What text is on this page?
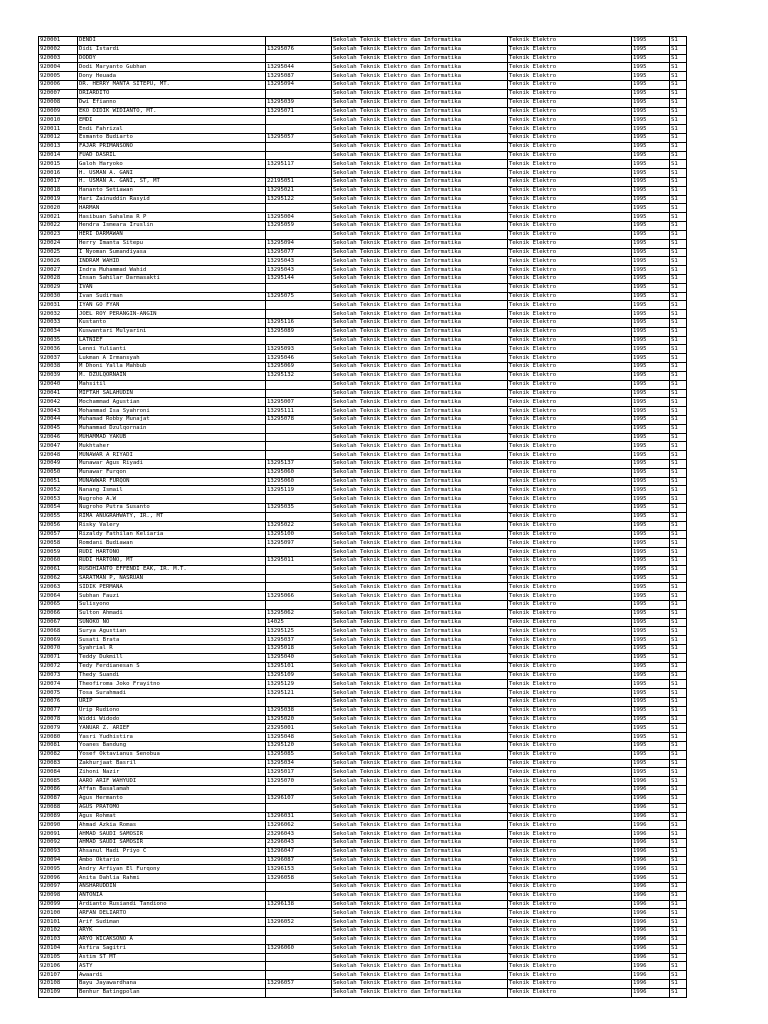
920001	DENDI		Sekolah Teknik Elektro dan Informatika	Teknik Elektro	1995	S1
920002	Didi Istardi	13295076	Sekolah Teknik Elektro dan Informatika	Teknik Elektro	1995	S1
920003	DODDY		Sekolah Teknik Elektro dan Informatika	Teknik Elektro	1995	S1
920004	Dodi Maryanto Gubhan	13295044	Sekolah Teknik Elektro dan Informatika	Teknik Elektro	1995	S1
920005	Dony Heuada	13295087	Sekolah Teknik Elektro dan Informatika	Teknik Elektro	1995	S1
920006	DR. HERRY MANTA SITEPU, MT.	13295094	Sekolah Teknik Elektro dan Informatika	Teknik Elektro	1995	S1
920007	DRIARDITO		Sekolah Teknik Elektro dan Informatika	Teknik Elektro	1995	S1
920008	Dwi Efianno	13295039	Sekolah Teknik Elektro dan Informatika	Teknik Elektro	1995	S1
920009	EKO DIDIK WIDIANTO, MT.	13295071	Sekolah Teknik Elektro dan Informatika	Teknik Elektro	1995	S1
920010	EMDI		Sekolah Teknik Elektro dan Informatika	Teknik Elektro	1995	S1
920011	Endi Fahrizal		Sekolah Teknik Elektro dan Informatika	Teknik Elektro	1995	S1
920012	Esmanto Budiarto	13295057	Sekolah Teknik Elektro dan Informatika	Teknik Elektro	1995	S1
920013	FAJAR PRIMANSONO		Sekolah Teknik Elektro dan Informatika	Teknik Elektro	1995	S1
920014	FUAD DASRIL		Sekolah Teknik Elektro dan Informatika	Teknik Elektro	1995	S1
920015	Galoh Haryoko	13295117	Sekolah Teknik Elektro dan Informatika	Teknik Elektro	1995	S1
920016	H. USMAN A. GANI		Sekolah Teknik Elektro dan Informatika	Teknik Elektro	1995	S1
920017	H. USMAN A. GANI, ST, MT	22195051	Sekolah Teknik Elektro dan Informatika	Teknik Elektro	1995	S1
920018	Hananto Setiawan	13295021	Sekolah Teknik Elektro dan Informatika	Teknik Elektro	1995	S1
920019	Hari Zainuddin Rasyid	13295122	Sekolah Teknik Elektro dan Informatika	Teknik Elektro	1995	S1
920020	HARMAN		Sekolah Teknik Elektro dan Informatika	Teknik Elektro	1995	S1
920021	Hasibuan Sahalma R P	13295004	Sekolah Teknik Elektro dan Informatika	Teknik Elektro	1995	S1
920022	Hendra Ismeara Iruslin	13295059	Sekolah Teknik Elektro dan Informatika	Teknik Elektro	1995	S1
920023	HERI DARMAWAN		Sekolah Teknik Elektro dan Informatika	Teknik Elektro	1995	S1
920024	Herry Imanta Sitepu	13295094	Sekolah Teknik Elektro dan Informatika	Teknik Elektro	1995	S1
920025	I Nyoman Sumandiyasa	13295077	Sekolah Teknik Elektro dan Informatika	Teknik Elektro	1995	S1
920026	INDRAM WAHID	13295043	Sekolah Teknik Elektro dan Informatika	Teknik Elektro	1995	S1
920027	Indra Muhammad Wahid	13295043	Sekolah Teknik Elektro dan Informatika	Teknik Elektro	1995	S1
920028	Insan Sahilar Darmasakti	13295144	Sekolah Teknik Elektro dan Informatika	Teknik Elektro	1995	S1
920029	IVAN		Sekolah Teknik Elektro dan Informatika	Teknik Elektro	1995	S1
920030	Ivan Sudirman	13295075	Sekolah Teknik Elektro dan Informatika	Teknik Elektro	1995	S1
920031	IYAN GO FYAN		Sekolah Teknik Elektro dan Informatika	Teknik Elektro	1995	S1
920032	JOEL ROY PERANGIN-ANGIN		Sekolah Teknik Elektro dan Informatika	Teknik Elektro	1995	S1
920033	Kustanto	13295116	Sekolah Teknik Elektro dan Informatika	Teknik Elektro	1995	S1
920034	Kuswantari Mulyarini	13295089	Sekolah Teknik Elektro dan Informatika	Teknik Elektro	1995	S1
920035	LATNIEF		Sekolah Teknik Elektro dan Informatika	Teknik Elektro	1995	S1
920036	Lenni Yulianti	13295093	Sekolah Teknik Elektro dan Informatika	Teknik Elektro	1995	S1
920037	Lukman A Irmansyah	13295046	Sekolah Teknik Elektro dan Informatika	Teknik Elektro	1995	S1
920038	M Dhoni Yalla Mahbub	13295069	Sekolah Teknik Elektro dan Informatika	Teknik Elektro	1995	S1
920039	M. DZULQORNAIN	13295132	Sekolah Teknik Elektro dan Informatika	Teknik Elektro	1995	S1
920040	Mahsitil		Sekolah Teknik Elektro dan Informatika	Teknik Elektro	1995	S1
920041	MIFTAH SALAHUDIN		Sekolah Teknik Elektro dan Informatika	Teknik Elektro	1995	S1
920042	Mochammad Agustian	13295007	Sekolah Teknik Elektro dan Informatika	Teknik Elektro	1995	S1
920043	Mohammad Isa Syahroni	13295111	Sekolah Teknik Elektro dan Informatika	Teknik Elektro	1995	S1
920044	Muhamad Robby Munajat	13295078	Sekolah Teknik Elektro dan Informatika	Teknik Elektro	1995	S1
920045	Muhammad Dzulqornain		Sekolah Teknik Elektro dan Informatika	Teknik Elektro	1995	S1
920046	MUHAMMAD YAKUB		Sekolah Teknik Elektro dan Informatika	Teknik Elektro	1995	S1
920047	Mukhtaher		Sekolah Teknik Elektro dan Informatika	Teknik Elektro	1995	S1
920048	MUNAWAR A RIYADI		Sekolah Teknik Elektro dan Informatika	Teknik Elektro	1995	S1
920049	Munawar Agus Riyadi	13295137	Sekolah Teknik Elektro dan Informatika	Teknik Elektro	1995	S1
920050	Munawar Furqon	13295060	Sekolah Teknik Elektro dan Informatika	Teknik Elektro	1995	S1
920051	MUNAWWAR FURQON	13295060	Sekolah Teknik Elektro dan Informatika	Teknik Elektro	1995	S1
920052	Nanang Ismail	13295119	Sekolah Teknik Elektro dan Informatika	Teknik Elektro	1995	S1
920053	Nugroho A.W		Sekolah Teknik Elektro dan Informatika	Teknik Elektro	1995	S1
920054	Nugroho Putra Susanto	13295035	Sekolah Teknik Elektro dan Informatika	Teknik Elektro	1995	S1
920055	RIMA ANUGRAHWATY, IR., MT		Sekolah Teknik Elektro dan Informatika	Teknik Elektro	1995	S1
920056	Risky Valery	13295022	Sekolah Teknik Elektro dan Informatika	Teknik Elektro	1995	S1
920057	Rizaldy Fathilan Keliaria	13295100	Sekolah Teknik Elektro dan Informatika	Teknik Elektro	1995	S1
920058	Romdani Budiawan	13295097	Sekolah Teknik Elektro dan Informatika	Teknik Elektro	1995	S1
920059	RUDI HARTONO		Sekolah Teknik Elektro dan Informatika	Teknik Elektro	1995	S1
920060	RUDI HARTONO, MT	13295011	Sekolah Teknik Elektro dan Informatika	Teknik Elektro	1995	S1
920061	RUSDHIANTO EFFENDI EAK, IR. M.T.		Sekolah Teknik Elektro dan Informatika	Teknik Elektro	1995	S1
920062	SARATMAN P, NASRUAN		Sekolah Teknik Elektro dan Informatika	Teknik Elektro	1995	S1
920063	SIDIK PERMANA		Sekolah Teknik Elektro dan Informatika	Teknik Elektro	1995	S1
920064	Subhan Fauzi	13295066	Sekolah Teknik Elektro dan Informatika	Teknik Elektro	1995	S1
920065	Sulisyono		Sekolah Teknik Elektro dan Informatika	Teknik Elektro	1995	S1
920066	Sulton Ahmadi	13295062	Sekolah Teknik Elektro dan Informatika	Teknik Elektro	1995	S1
920067	SUNOKO NO	14025	Sekolah Teknik Elektro dan Informatika	Teknik Elektro	1995	S1
920068	Surya Agustian	13295125	Sekolah Teknik Elektro dan Informatika	Teknik Elektro	1995	S1
920069	Susati Brata	13295037	Sekolah Teknik Elektro dan Informatika	Teknik Elektro	1995	S1
920070	Syahrial R	13295018	Sekolah Teknik Elektro dan Informatika	Teknik Elektro	1995	S1
920071	Teddy Dukmill	13295040	Sekolah Teknik Elektro dan Informatika	Teknik Elektro	1995	S1
920072	Tedy Ferdianesan S	13295101	Sekolah Teknik Elektro dan Informatika	Teknik Elektro	1995	S1
920073	Thedy Suandi	13295109	Sekolah Teknik Elektro dan Informatika	Teknik Elektro	1995	S1
920074	Theofiroma Joko Frayitno	13295129	Sekolah Teknik Elektro dan Informatika	Teknik Elektro	1995	S1
920075	Tosa Surahmadi	13295121	Sekolah Teknik Elektro dan Informatika	Teknik Elektro	1995	S1
920076	URIP		Sekolah Teknik Elektro dan Informatika	Teknik Elektro	1995	S1
920077	Urip Rudiono	13295038	Sekolah Teknik Elektro dan Informatika	Teknik Elektro	1995	S1
920078	Widdi Widodo	13295020	Sekolah Teknik Elektro dan Informatika	Teknik Elektro	1995	S1
920079	YANUAR Z. ARIEF	23295001	Sekolah Teknik Elektro dan Informatika	Teknik Elektro	1995	S1
920080	Yasri Yudhistira	13295048	Sekolah Teknik Elektro dan Informatika	Teknik Elektro	1995	S1
920081	Yoanes Bandung	13295120	Sekolah Teknik Elektro dan Informatika	Teknik Elektro	1995	S1
920082	Yosef Oktavianus Senobua	13295085	Sekolah Teknik Elektro dan Informatika	Teknik Elektro	1995	S1
920083	Zakhurjaat Basril	13295034	Sekolah Teknik Elektro dan Informatika	Teknik Elektro	1995	S1
920084	Zihoni Nazir	13295017	Sekolah Teknik Elektro dan Informatika	Teknik Elektro	1995	S1
920085	AARO ARIF WAHYUDI	13295070	Sekolah Teknik Elektro dan Informatika	Teknik Elektro	1996	S1
920086	Affan Basalamah		Sekolah Teknik Elektro dan Informatika	Teknik Elektro	1996	S1
920087	Agus Hermanto	13296107	Sekolah Teknik Elektro dan Informatika	Teknik Elektro	1996	S1
920088	AGUS PRATOMO		Sekolah Teknik Elektro dan Informatika	Teknik Elektro	1996	S1
920089	Agus Rohmat	13296031	Sekolah Teknik Elektro dan Informatika	Teknik Elektro	1996	S1
920090	Ahmad Azkia Romas	13296062	Sekolah Teknik Elektro dan Informatika	Teknik Elektro	1996	S1
920091	AHMAD SAUDI SAMOSIR	23296043	Sekolah Teknik Elektro dan Informatika	Teknik Elektro	1996	S1
920092	AHMAD SAUDI SAMOSIR	23296043	Sekolah Teknik Elektro dan Informatika	Teknik Elektro	1996	S1
920093	Ahsanul Hadi Priyo C	13296047	Sekolah Teknik Elektro dan Informatika	Teknik Elektro	1996	S1
920094	Ambo Oktario	13296087	Sekolah Teknik Elektro dan Informatika	Teknik Elektro	1996	S1
920095	Andry Arfiyan El Furqony	13296153	Sekolah Teknik Elektro dan Informatika	Teknik Elektro	1996	S1
920096	Anita Dahlia Rahmi	13296058	Sekolah Teknik Elektro dan Informatika	Teknik Elektro	1996	S1
920097	ANSHARUDDIN		Sekolah Teknik Elektro dan Informatika	Teknik Elektro	1996	S1
920098	ANTONIA		Sekolah Teknik Elektro dan Informatika	Teknik Elektro	1996	S1
920099	Ardianto Rusiandi Tandiono	13296138	Sekolah Teknik Elektro dan Informatika	Teknik Elektro	1996	S1
920100	ARFAN DELIARTO		Sekolah Teknik Elektro dan Informatika	Teknik Elektro	1996	S1
920101	Arif Sudiman	13296052	Sekolah Teknik Elektro dan Informatika	Teknik Elektro	1996	S1
920102	ARYK		Sekolah Teknik Elektro dan Informatika	Teknik Elektro	1996	S1
920103	ARYO WICAKSONO A		Sekolah Teknik Elektro dan Informatika	Teknik Elektro	1996	S1
920104	Asfira Sagitri	13296060	Sekolah Teknik Elektro dan Informatika	Teknik Elektro	1996	S1
920105	Astim ST MT		Sekolah Teknik Elektro dan Informatika	Teknik Elektro	1996	S1
920106	ASTY		Sekolah Teknik Elektro dan Informatika	Teknik Elektro	1996	S1
920107	Awaardi		Sekolah Teknik Elektro dan Informatika	Teknik Elektro	1996	S1
920108	Bayu Jayawardhana	13296057	Sekolah Teknik Elektro dan Informatika	Teknik Elektro	1996	S1
920109	Benhur Batingpolan		Sekolah Teknik Elektro dan Informatika	Teknik Elektro	1996	S1
